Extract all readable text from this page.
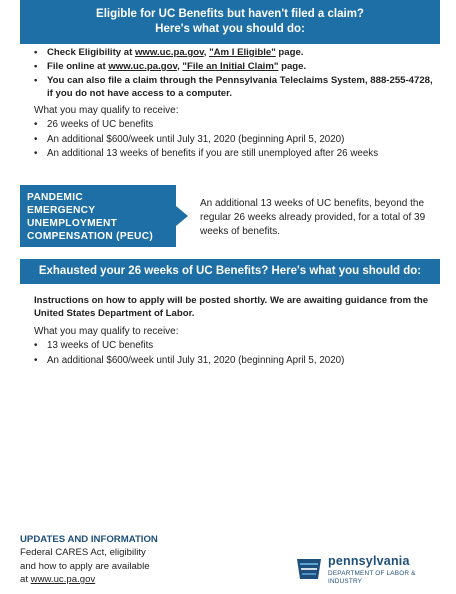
Eligible for UC Benefits but haven't filed a claim?
Here's what you should do:
• Check Eligibility at www.uc.pa.gov, "Am I Eligible" page.
• File online at www.uc.pa.gov, "File an Initial Claim" page.
• You can also file a claim through the Pennsylvania Teleclaims System, 888-255-4728, if you do not have access to a computer.
What you may qualify to receive:
• 26 weeks of UC benefits
• An additional $600/week until July 31, 2020 (beginning April 5, 2020)
• An additional 13 weeks of benefits if you are still unemployed after 26 weeks
PANDEMIC
EMERGENCY
UNEMPLOYMENT
COMPENSATION (PEUC)
An additional 13 weeks of UC benefits, beyond the regular 26 weeks already provided, for a total of 39 weeks of benefits.
Exhausted your 26 weeks of UC Benefits? Here's what you should do:
Instructions on how to apply will be posted shortly. We are awaiting guidance from the United States Department of Labor.
What you may qualify to receive:
• 13 weeks of UC benefits
• An additional $600/week until July 31, 2020 (beginning April 5, 2020)
UPDATES AND INFORMATION
Federal CARES Act, eligibility
and how to apply are available
at www.uc.pa.gov
pennsylvania
DEPARTMENT OF LABOR & INDUSTRY
